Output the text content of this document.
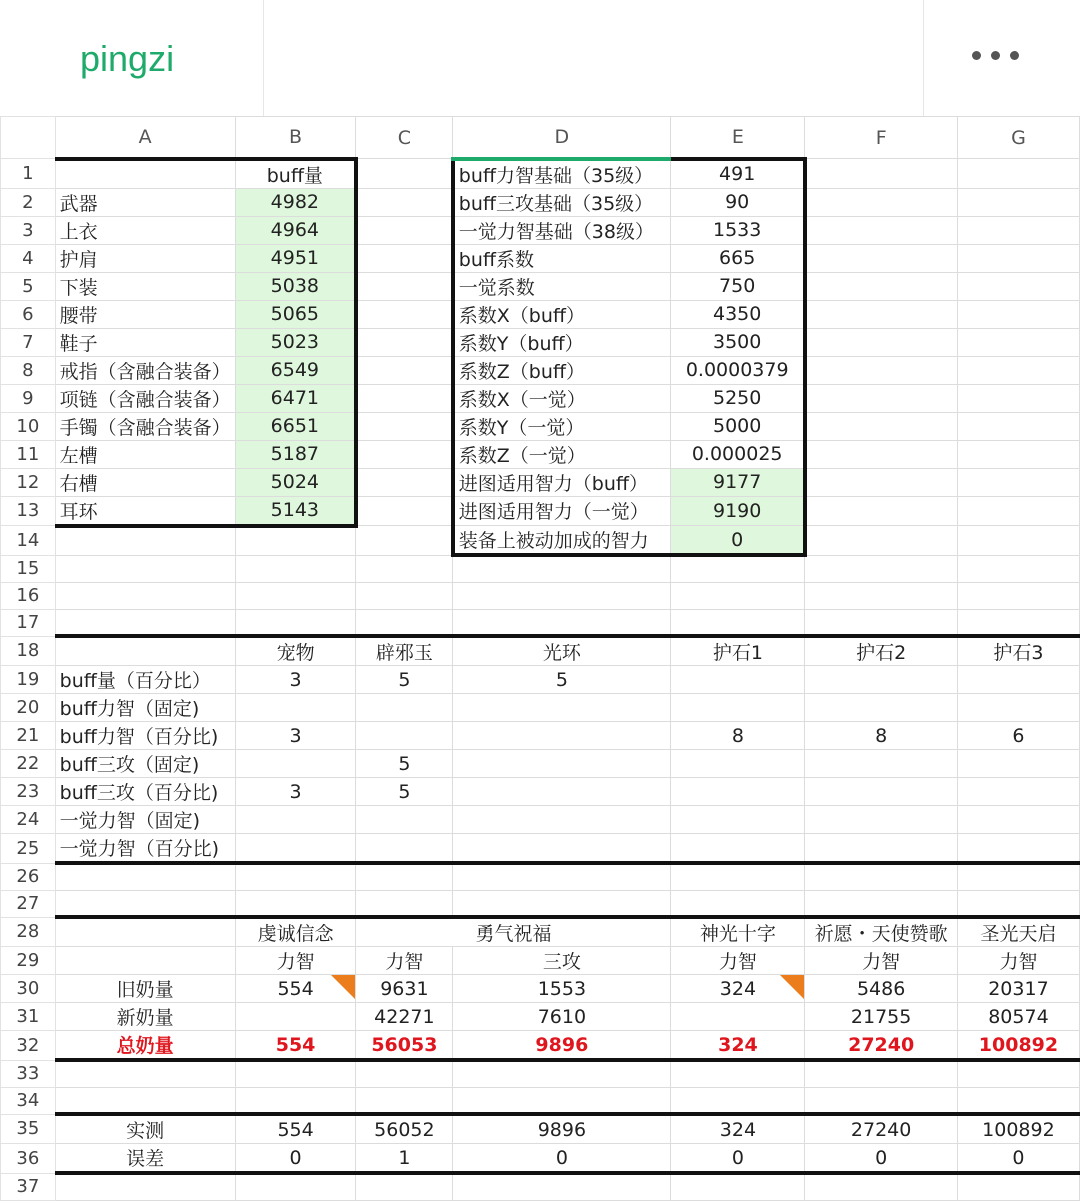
pingzi
	A	B	C	D	E	F	G
1		buff量		buff力智基础（35级）	491		
2	武器	4982		buff三攻基础（35级）	90		
3	上衣	4964		一觉力智基础（38级）	1533		
4	护肩	4951		buff系数	665		
5	下装	5038		一觉系数	750		
6	腰带	5065		系数X（buff）	4350		
7	鞋子	5023		系数Y（buff）	3500		
8	戒指（含融合装备）	6549		系数Z（buff）	0.0000379		
9	项链（含融合装备）	6471		系数X（一觉）	5250		
10	手镯（含融合装备）	6651		系数Y（一觉）	5000		
11	左槽	5187		系数Z（一觉）	0.000025		
12	右槽	5024		进图适用智力（buff）	9177		
13	耳环	5143		进图适用智力（一觉）	9190		
14				装备上被动加成的智力	0		
15							
16							
17							
18		宠物	辟邪玉	光环	护石1	护石2	护石3
19	buff量（百分比）	3	5	5			
20	buff力智（固定)						
21	buff力智（百分比)	3			8	8	6
22	buff三攻（固定)		5				
23	buff三攻（百分比)	3	5				
24	一觉力智（固定)						
25	一觉力智（百分比)						
26							
27							
28		虔诚信念	勇气祝福		神光十字	祈愿・天使赞歌	圣光天启
29		力智	力智	三攻	力智	力智	力智
30	旧奶量	554	9631	1553	324	5486	20317
31	新奶量		42271	7610		21755	80574
32	总奶量	554	56053	9896	324	27240	100892
33							
34							
35	实测	554	56052	9896	324	27240	100892
36	误差	0	1	0	0	0	0
37							
